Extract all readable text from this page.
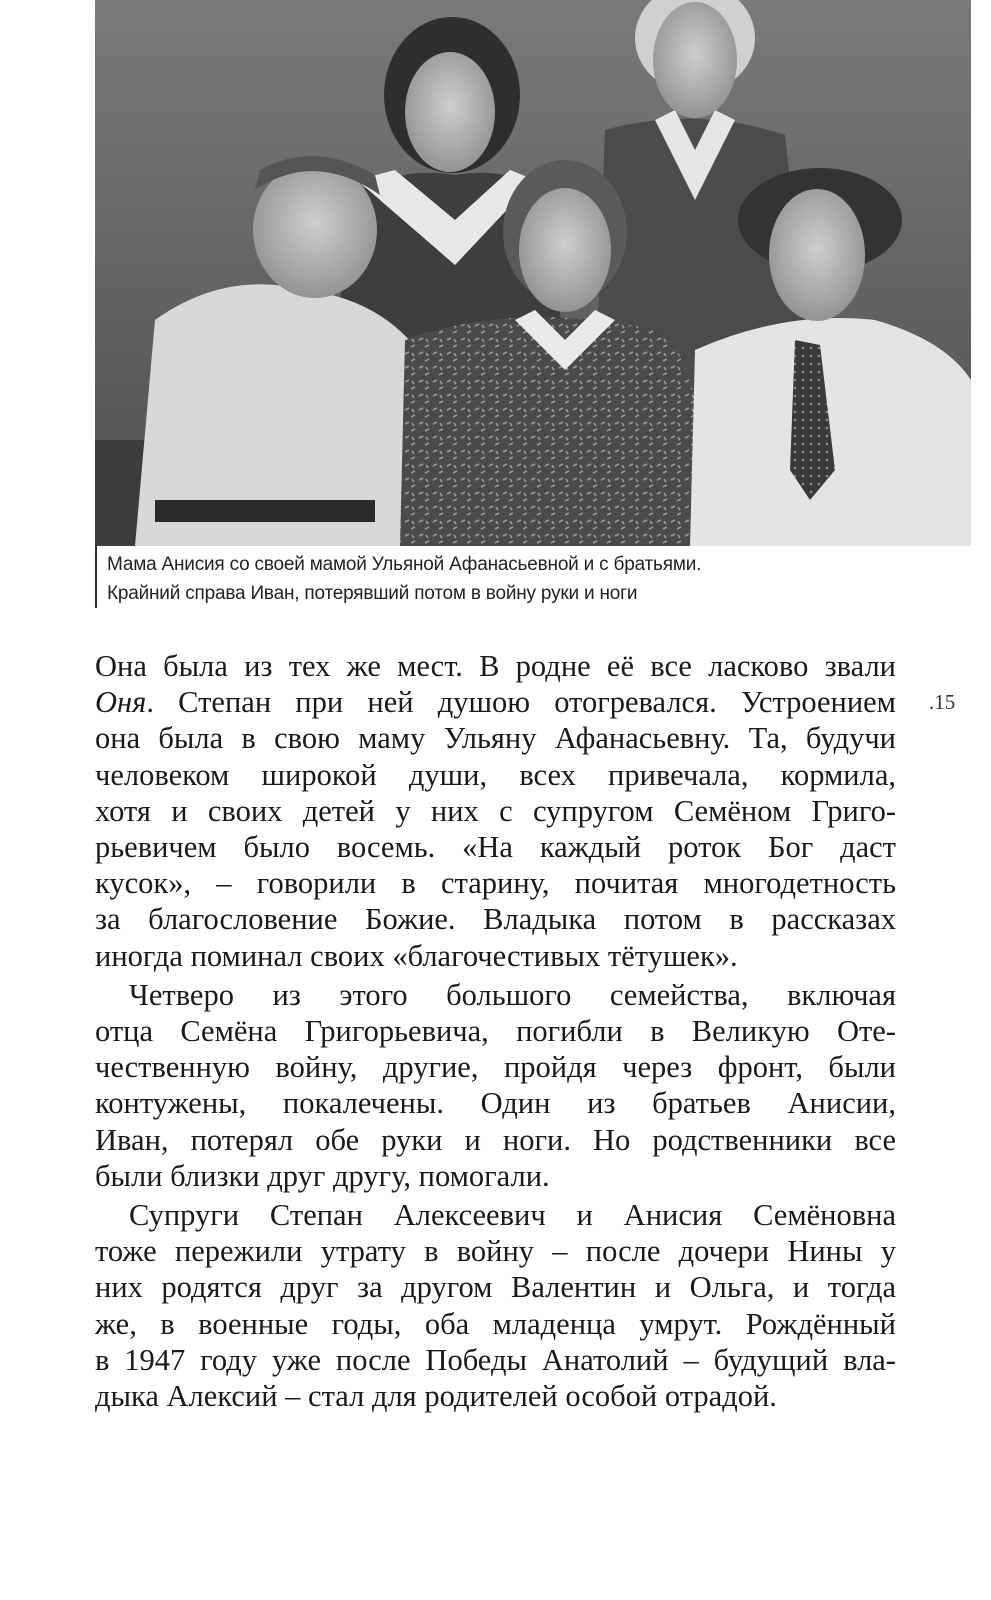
Мама Анисия со своей мамой Ульяной Афанасьевной и с братьями.
Крайний справа Иван, потерявший потом в войну руки и ноги
.15
Она была из тех же мест. В родне её все ласково звали
Оня. Степан при ней душою отогревался. Устроением
она была в свою маму Ульяну Афанасьевну. Та, будучи
человеком широкой души, всех привечала, кормила,
хотя и своих детей у них с супругом Семёном Григо-
рьевичем было восемь. «На каждый роток Бог даст
кусок», – говорили в старину, почитая многодетность
за благословение Божие. Владыка потом в рассказах
иногда поминал своих «благочестивых тётушек».
Четверо из этого большого семейства, включая
отца Семёна Григорьевича, погибли в Великую Оте-
чественную войну, другие, пройдя через фронт, были
контужены, покалечены. Один из братьев Анисии,
Иван, потерял обе руки и ноги. Но родственники все
были близки друг другу, помогали.
Супруги Степан Алексеевич и Анисия Семёновна
тоже пережили утрату в войну – после дочери Нины у
них родятся друг за другом Валентин и Ольга, и тогда
же, в военные годы, оба младенца умрут. Рождённый
в 1947 году уже после Победы Анатолий – будущий вла-
дыка Алексий – стал для родителей особой отрадой.
